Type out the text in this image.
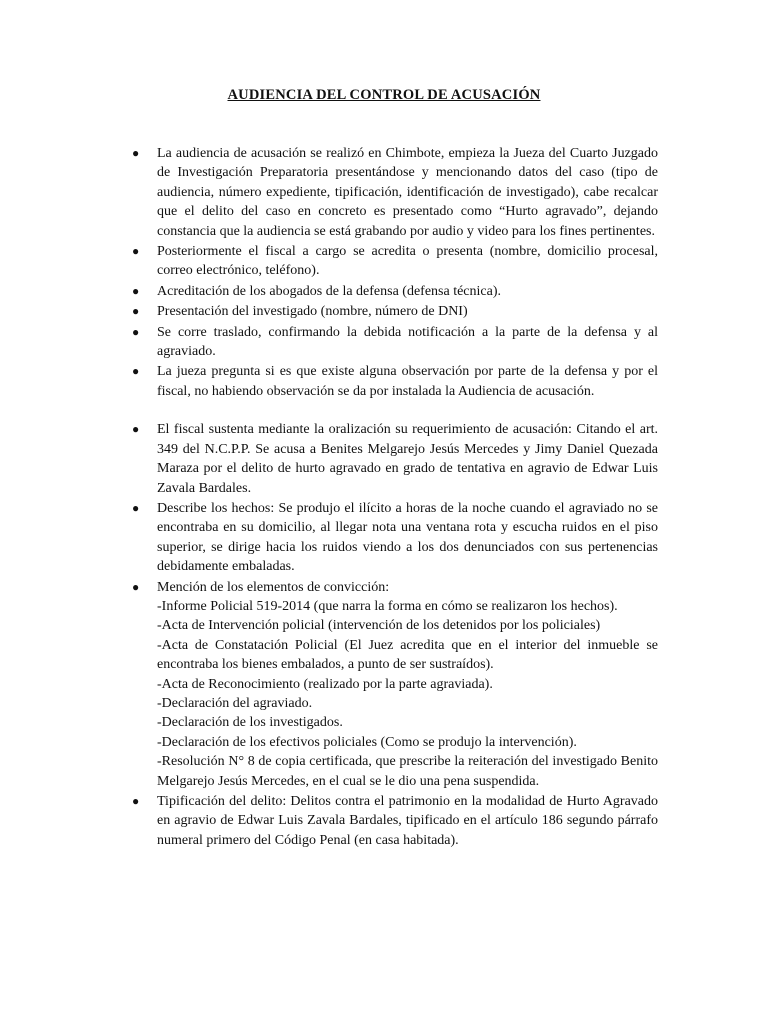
AUDIENCIA DEL CONTROL DE ACUSACIÓN
●	La audiencia de acusación se realizó en Chimbote, empieza la Jueza del Cuarto Juzgado de Investigación Preparatoria presentándose y mencionando datos del caso (tipo de audiencia, número expediente, tipificación, identificación de investigado), cabe recalcar que el delito del caso en concreto es presentado como “Hurto agravado”, dejando constancia que la audiencia se está grabando por audio y video para los fines pertinentes.
●	Posteriormente el fiscal a cargo se acredita o presenta (nombre, domicilio procesal, correo electrónico, teléfono).
●	Acreditación de los abogados de la defensa (defensa técnica).
●	Presentación del investigado (nombre, número de DNI)
●	Se corre traslado, confirmando la debida notificación a la parte de la defensa y al agraviado.
●	La jueza pregunta si es que existe alguna observación por parte de la defensa y por el fiscal, no habiendo observación se da por instalada la Audiencia de acusación.
●	El fiscal sustenta mediante la oralización su requerimiento de acusación: Citando el art. 349 del N.C.P.P. Se acusa a Benites Melgarejo Jesús Mercedes y Jimy Daniel Quezada Maraza por el delito de hurto agravado en grado de tentativa en agravio de Edwar Luis Zavala Bardales.
●	Describe los hechos: Se produjo el ilícito a horas de la noche cuando el agraviado no se encontraba en su domicilio, al llegar nota una ventana rota y escucha ruidos en el piso superior, se dirige hacia los ruidos viendo a los dos denunciados con sus pertenencias debidamente embaladas.
●	Mención de los elementos de convicción:
-Informe Policial 519-2014 (que narra la forma en cómo se realizaron los hechos).
-Acta de Intervención policial (intervención de los detenidos por los policiales)
-Acta de Constatación Policial (El Juez acredita que en el interior del inmueble se encontraba los bienes embalados, a punto de ser sustraídos).
-Acta de Reconocimiento (realizado por la parte agraviada).
-Declaración del agraviado.
-Declaración de los investigados.
-Declaración de los efectivos policiales (Como se produjo la intervención).
-Resolución N° 8 de copia certificada, que prescribe la reiteración del investigado Benito Melgarejo Jesús Mercedes, en el cual se le dio una pena suspendida.
●	Tipificación del delito: Delitos contra el patrimonio en la modalidad de Hurto Agravado en agravio de Edwar Luis Zavala Bardales, tipificado en el artículo 186 segundo párrafo numeral primero del Código Penal (en casa habitada).
